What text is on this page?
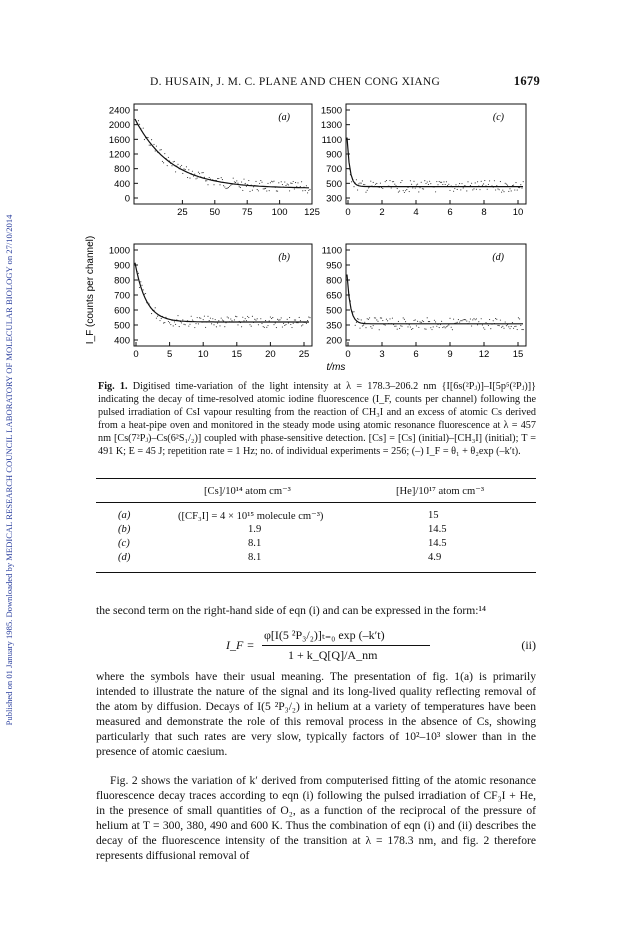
Published on 01 January 1985. Downloaded by MEDICAL RESEARCH COUNCIL LABORATORY OF MOLECULAR BIOLOGY on 27/10/2014
D. HUSAIN, J. M. C. PLANE AND CHEN CONG XIANG	1679
(a)
2400
2000
1600
1200
800
400
0
25 50 75 100 125
(b)
1000
900
800
700
600
500
400
0	5	10 15 20 25
(c)
1500
1300
1100
900
700
500
300
0	2	4	6	8	10
(d)
1100
950
800
650
500
350
200
0	3	6	9	12 15
I_F (counts per channel)
t/ms
Fig. 1. Digitised time-variation of the light intensity at λ = 178.3–206.2 nm {I[6s(²Pⱼ)]–I[5p⁵(²Pⱼ)]} indicating the decay of time-resolved atomic iodine fluorescence (I_F, counts per channel) following the pulsed irradiation of CsI vapour resulting from the reaction of CH₃I and an excess of atomic Cs derived from a heat-pipe oven and monitored in the steady mode using atomic resonance fluorescence at λ = 457 nm [Cs(7²Pⱼ)–Cs(6²S₁/₂)] coupled with phase-sensitive detection. [Cs] = [Cs] (initial)–[CH₃I] (initial); T = 491 K; E = 45 J; repetition rate = 1 Hz; no. of individual experiments = 256; (–) I_F = θ₁ + θ₂exp (–k′t).
[Cs]/10¹⁴ atom cm⁻³	[He]/10¹⁷ atom cm⁻³
(a)	([CF₃I] = 4 × 10¹⁵ molecule cm⁻³)	15
(b)	1.9	14.5
(c)	8.1	14.5
(d)	8.1	4.9
the second term on the right-hand side of eqn (i) and can be expressed in the form:¹⁴
I_F =
φ[I(5 ²P₃/₂)]ₜ₌₀ exp (–k′t)
1 + k_Q[Q]/A_nm
(ii)
where the symbols have their usual meaning. The presentation of fig. 1(a) is primarily intended to illustrate the nature of the signal and its long-lived quality reflecting removal of the atom by diffusion. Decays of I(5 ²P₃/₂) in helium at a variety of temperatures have been measured and demonstrate the role of this removal process in the absence of Cs, showing particularly that such rates are very slow, typically factors of 10²–10³ slower than in the presence of atomic caesium.
Fig. 2 shows the variation of k′ derived from computerised fitting of the atomic resonance fluorescence decay traces according to eqn (i) following the pulsed irradiation of CF₃I + He, in the presence of small quantities of O₂, as a function of the reciprocal of the pressure of helium at T = 300, 380, 490 and 600 K. Thus the combination of eqn (i) and (ii) describes the decay of the fluorescence intensity of the transition at λ = 178.3 nm, and fig. 2 therefore represents diffusional removal of
